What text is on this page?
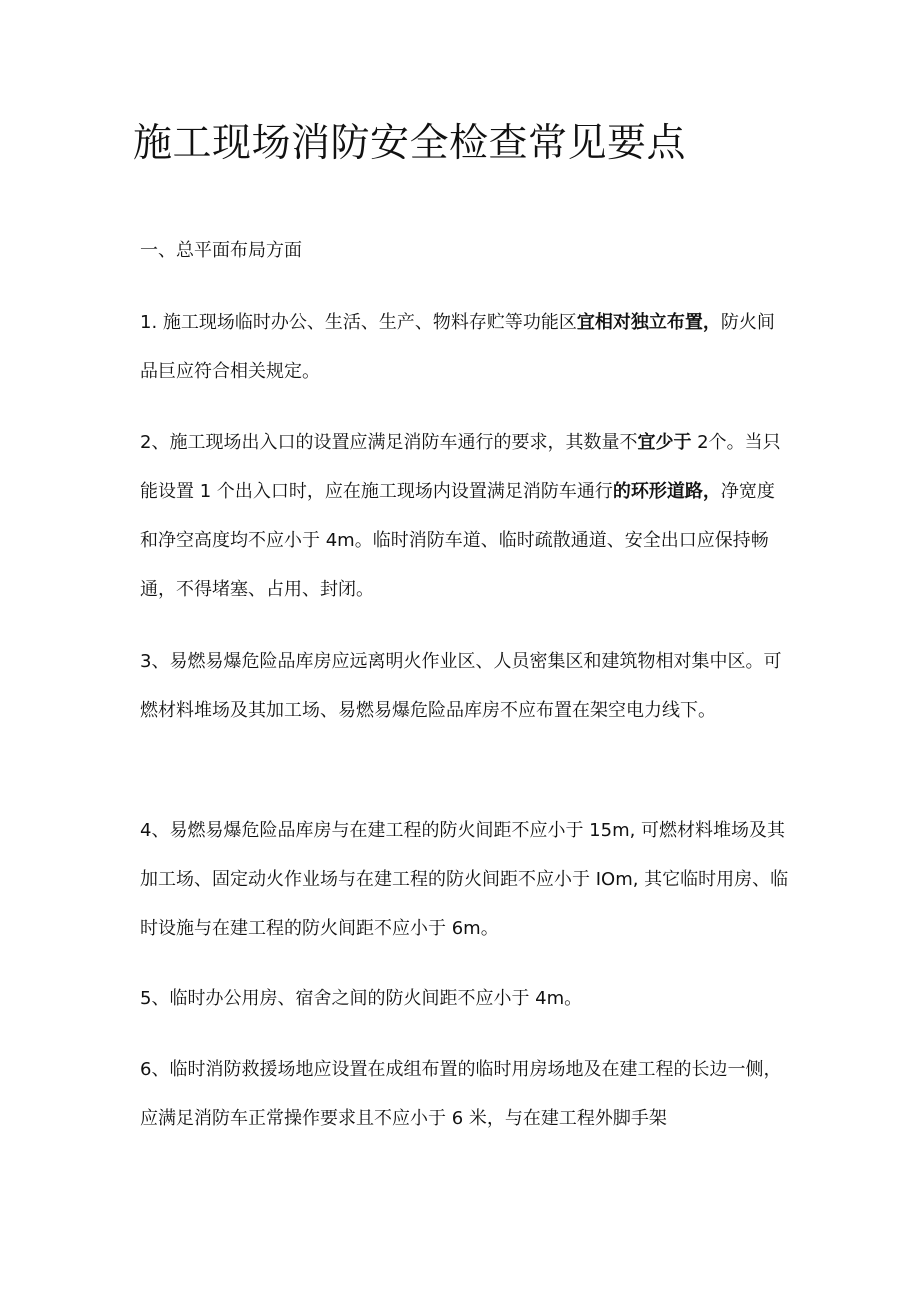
施工现场消防安全检查常见要点

一、总平面布局方面

1. 施工现场临时办公、生活、生产、物料存贮等功能区宜相对独立布置，防火间品巨应符合相关规定。

2、施工现场出入口的设置应满足消防车通行的要求，其数量不宜少于 2个。当只能设置 1 个出入口时，应在施工现场内设置满足消防车通行的环形道路，净宽度和净空高度均不应小于 4m。临时消防车道、临时疏散通道、安全出口应保持畅通，不得堵塞、占用、封闭。

3、易燃易爆危险品库房应远离明火作业区、人员密集区和建筑物相对集中区。可燃材料堆场及其加工场、易燃易爆危险品库房不应布置在架空电力线下。

4、易燃易爆危险品库房与在建工程的防火间距不应小于 15m, 可燃材料堆场及其加工场、固定动火作业场与在建工程的防火间距不应小于 IOm, 其它临时用房、临时设施与在建工程的防火间距不应小于 6m。

5、临时办公用房、宿舍之间的防火间距不应小于 4m。

6、临时消防救援场地应设置在成组布置的临时用房场地及在建工程的长边一侧，应满足消防车正常操作要求且不应小于 6 米，与在建工程外脚手架
